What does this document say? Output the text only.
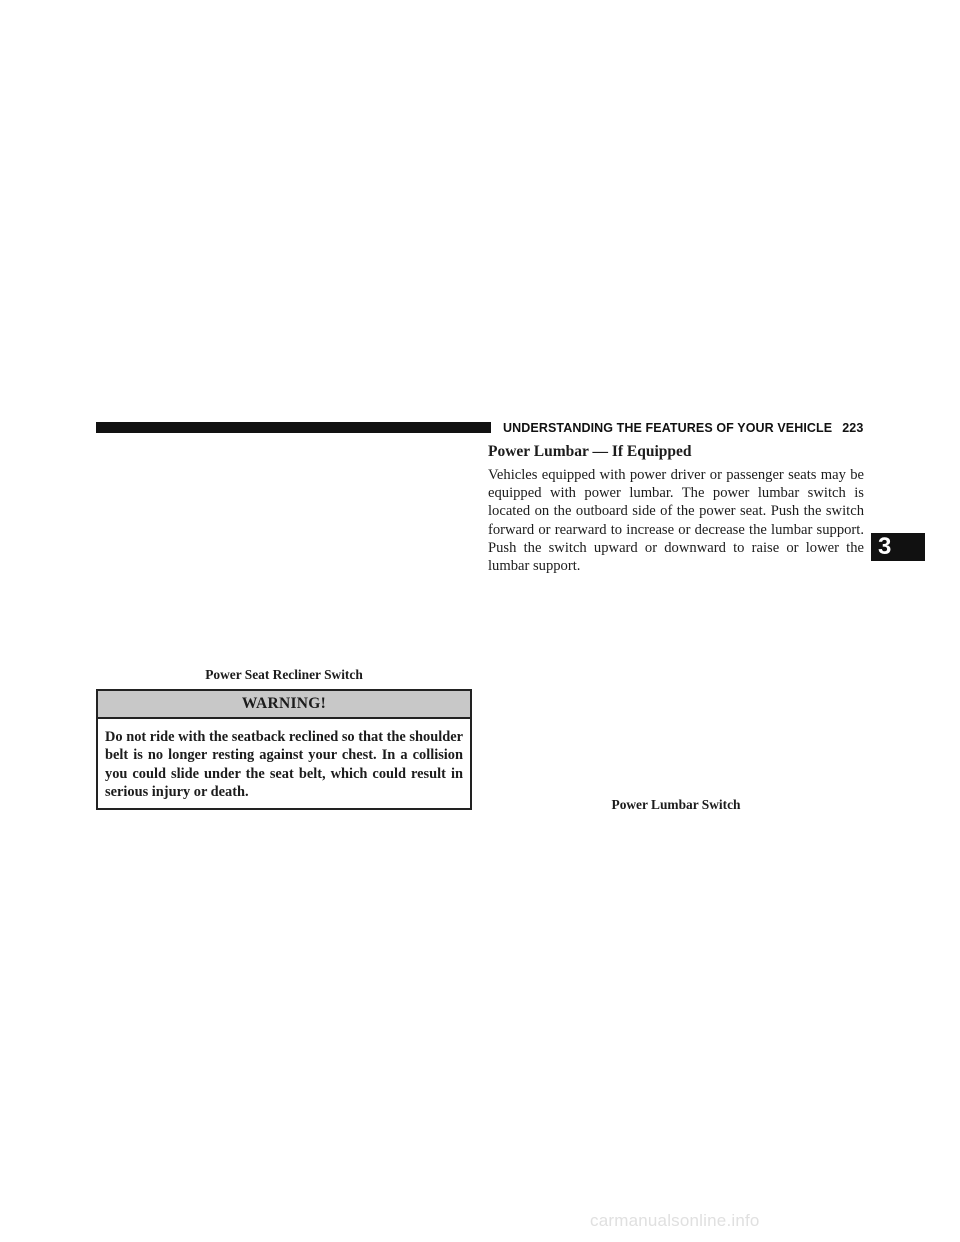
UNDERSTANDING THE FEATURES OF YOUR VEHICLE 223
Power Seat Recliner Switch
WARNING!
Do not ride with the seatback reclined so that the shoulder belt is no longer resting against your chest. In a collision you could slide under the seat belt, which could result in serious injury or death.
Power Lumbar — If Equipped
Vehicles equipped with power driver or passenger seats may be equipped with power lumbar. The power lumbar switch is located on the outboard side of the power seat. Push the switch forward or rearward to increase or decrease the lumbar support. Push the switch upward or downward to raise or lower the lumbar support.
3
Power Lumbar Switch
carmanualsonline.info
